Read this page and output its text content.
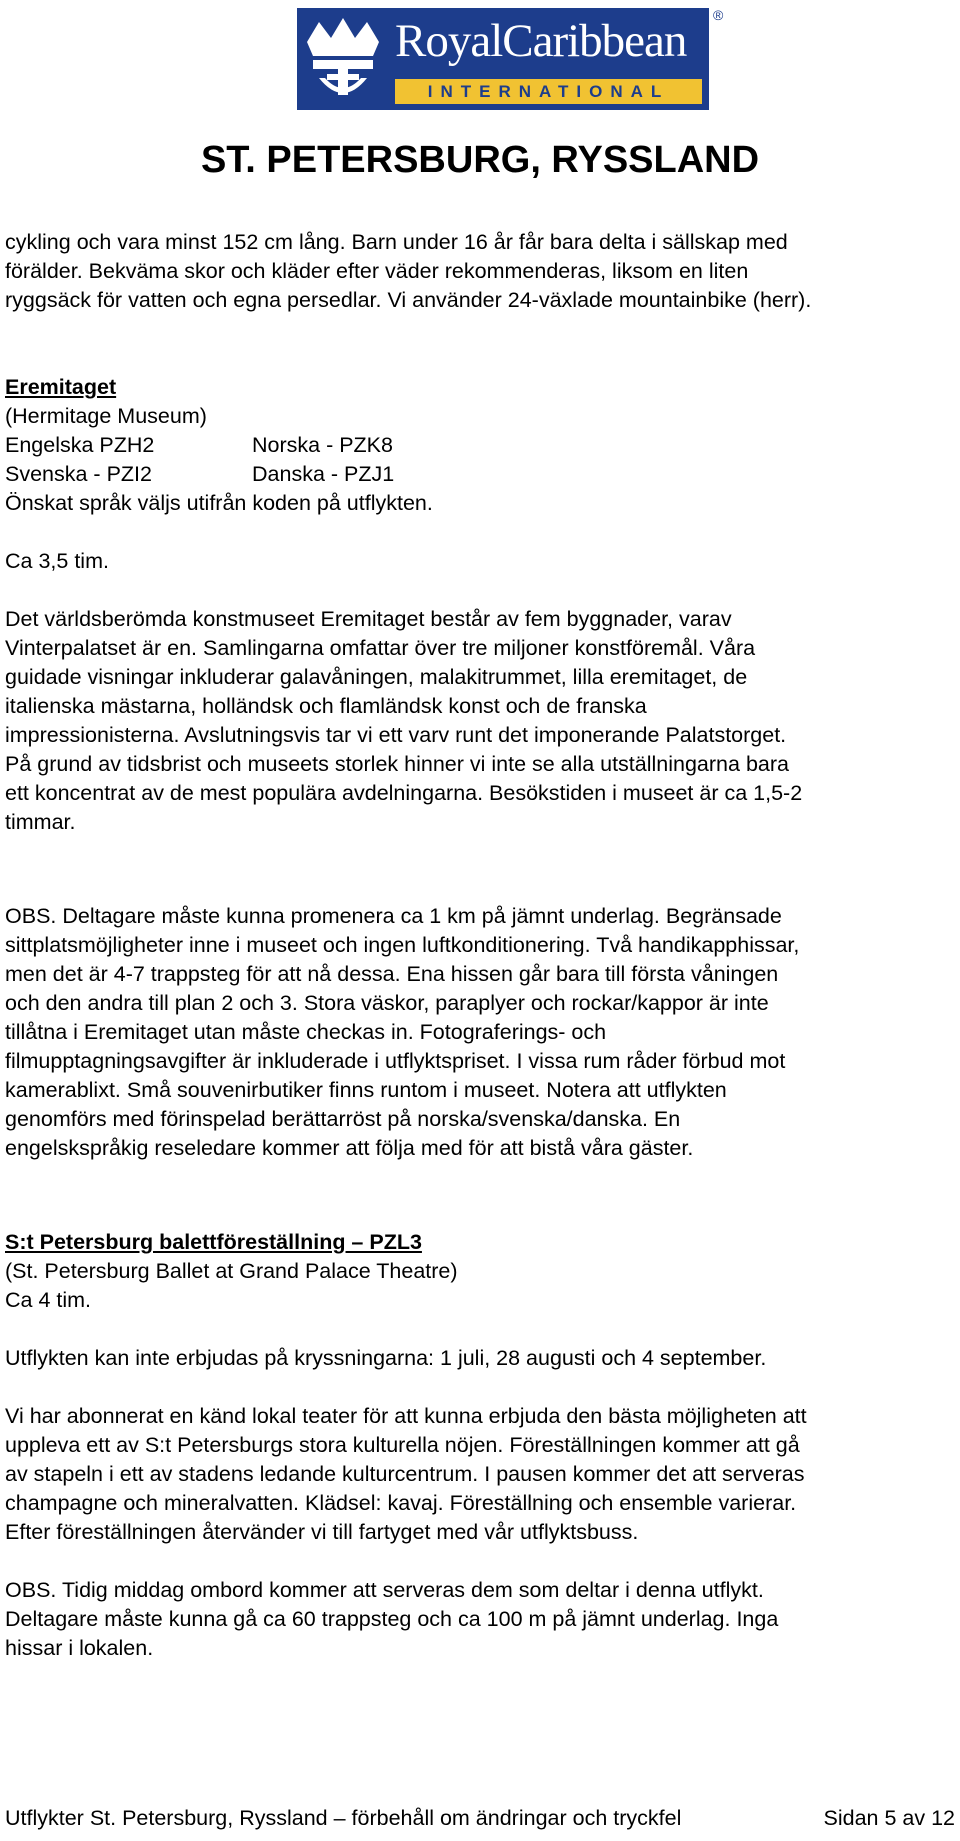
RoyalCaribbean
INTERNATIONAL
®
ST. PETERSBURG, RYSSLAND

cykling och vara minst 152 cm lång. Barn under 16 år får bara delta i sällskap med

förälder. Bekväma skor och kläder efter väder rekommenderas, liksom en liten

ryggsäck för vatten och egna persedlar. Vi använder 24-växlade mountainbike (herr).

Eremitaget

(Hermitage Museum)

Engelska PZH2	Norska - PZK8
Svenska - PZI2	Danska - PZJ1

Önskat språk väljs utifrån koden på utflykten.

Ca 3,5 tim.

Det världsberömda konstmuseet Eremitaget består av fem byggnader, varav

Vinterpalatset är en. Samlingarna omfattar över tre miljoner konstföremål. Våra

guidade visningar inkluderar galavåningen, malakitrummet, lilla eremitaget, de

italienska mästarna, holländsk och flamländsk konst och de franska

impressionisterna. Avslutningsvis tar vi ett varv runt det imponerande Palatstorget.

På grund av tidsbrist och museets storlek hinner vi inte se alla utställningarna bara

ett koncentrat av de mest populära avdelningarna. Besökstiden i museet är ca 1,5-2

timmar.

OBS. Deltagare måste kunna promenera ca 1 km på jämnt underlag. Begränsade

sittplatsmöjligheter inne i museet och ingen luftkonditionering. Två handikapphissar,

men det är 4-7 trappsteg för att nå dessa. Ena hissen går bara till första våningen

och den andra till plan 2 och 3. Stora väskor, paraplyer och rockar/kappor är inte

tillåtna i Eremitaget utan måste checkas in. Fotograferings- och

filmupptagningsavgifter är inkluderade i utflyktspriset. I vissa rum råder förbud mot

kamerablixt. Små souvenirbutiker finns runtom i museet. Notera att utflykten

genomförs med förinspelad berättarröst på norska/svenska/danska. En

engelskspråkig reseledare kommer att följa med för att bistå våra gäster.

S:t Petersburg balettföreställning – PZL3

(St. Petersburg Ballet at Grand Palace Theatre)

Ca 4 tim.

Utflykten kan inte erbjudas på kryssningarna: 1 juli, 28 augusti och 4 september.

Vi har abonnerat en känd lokal teater för att kunna erbjuda den bästa möjligheten att

uppleva ett av S:t Petersburgs stora kulturella nöjen. Föreställningen kommer att gå

av stapeln i ett av stadens ledande kulturcentrum. I pausen kommer det att serveras

champagne och mineralvatten. Klädsel: kavaj. Föreställning och ensemble varierar.

Efter föreställningen återvänder vi till fartyget med vår utflyktsbuss.

OBS. Tidig middag ombord kommer att serveras dem som deltar i denna utflykt.

Deltagare måste kunna gå ca 60 trappsteg och ca 100 m på jämnt underlag. Inga

hissar i lokalen.

Utflykter St. Petersburg, Ryssland – förbehåll om ändringar och tryckfel	Sidan 5 av 12
